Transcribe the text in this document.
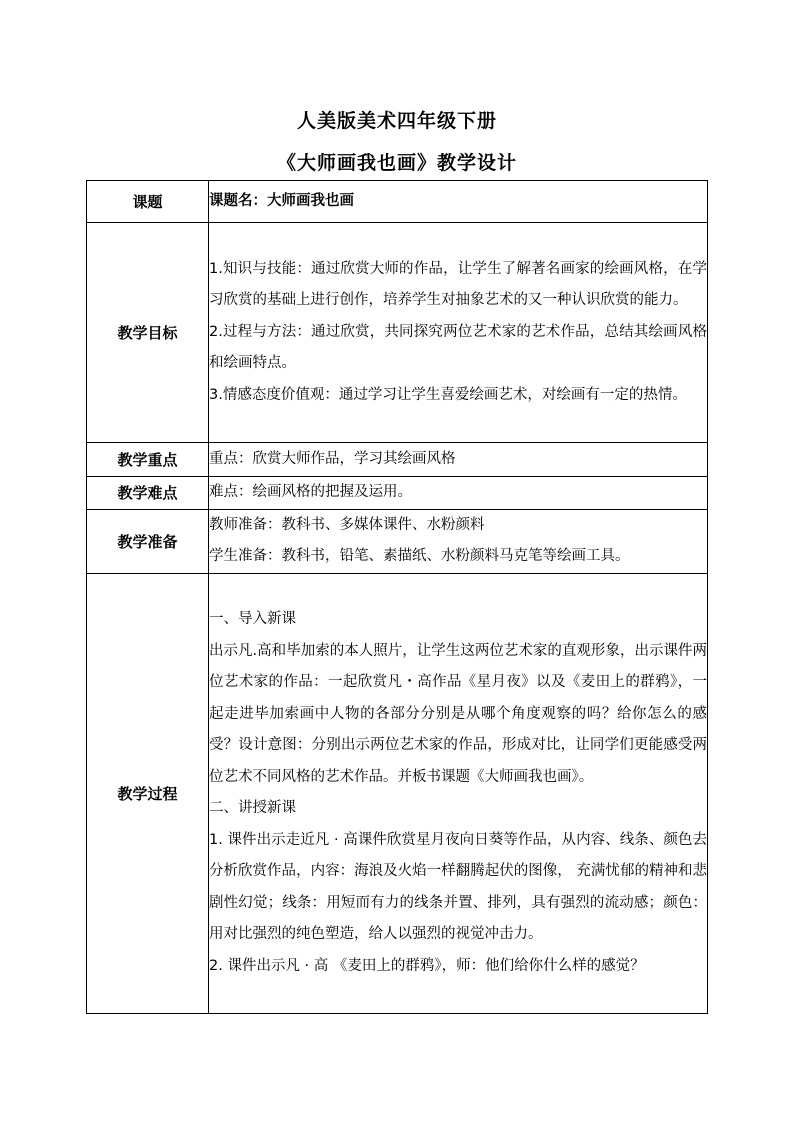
人美版美术四年级下册
《大师画我也画》教学设计
课题	课题名：大师画我也画

教学目标	1.知识与技能：通过欣赏大师的作品，让学生了解著名画家的绘画风格，在学习欣赏的基础上进行创作，培养学生对抽象艺术的又一种认识欣赏的能力。

2.过程与方法：通过欣赏，共同探究两位艺术家的艺术作品，总结其绘画风格和绘画特点。

3.情感态度价值观：通过学习让学生喜爱绘画艺术，对绘画有一定的热情。

教学重点	重点：欣赏大师作品，学习其绘画风格

教学难点	难点：绘画风格的把握及运用。

教学准备	教师准备：教科书、多媒体课件、水粉颜料

学生准备：教科书，铅笔、素描纸、水粉颜料马克笔等绘画工具。

教学过程	一、导入新课

出示凡.高和毕加索的本人照片，让学生这两位艺术家的直观形象，出示课件两位艺术家的作品：一起欣赏凡・高作品《星月夜》以及《麦田上的群鸦》，一起走进毕加索画中人物的各部分分别是从哪个角度观察的吗？给你怎么的感受？设计意图：分别出示两位艺术家的作品，形成对比，让同学们更能感受两位艺术不同风格的艺术作品。并板书课题《大师画我也画》。

二、讲授新课

1. 课件出示走近凡 · 高课件欣赏星月夜向日葵等作品，从内容、线条、颜色去分析欣赏作品，内容：海浪及火焰一样翻腾起伏的图像， 充满忧郁的精神和悲剧性幻觉；线条：用短而有力的线条并置、排列，具有强烈的流动感；颜色：用对比强烈的纯色塑造，给人以强烈的视觉冲击力。

2. 课件出示凡 · 高 《麦田上的群鸦》，师：他们给你什么样的感觉？
